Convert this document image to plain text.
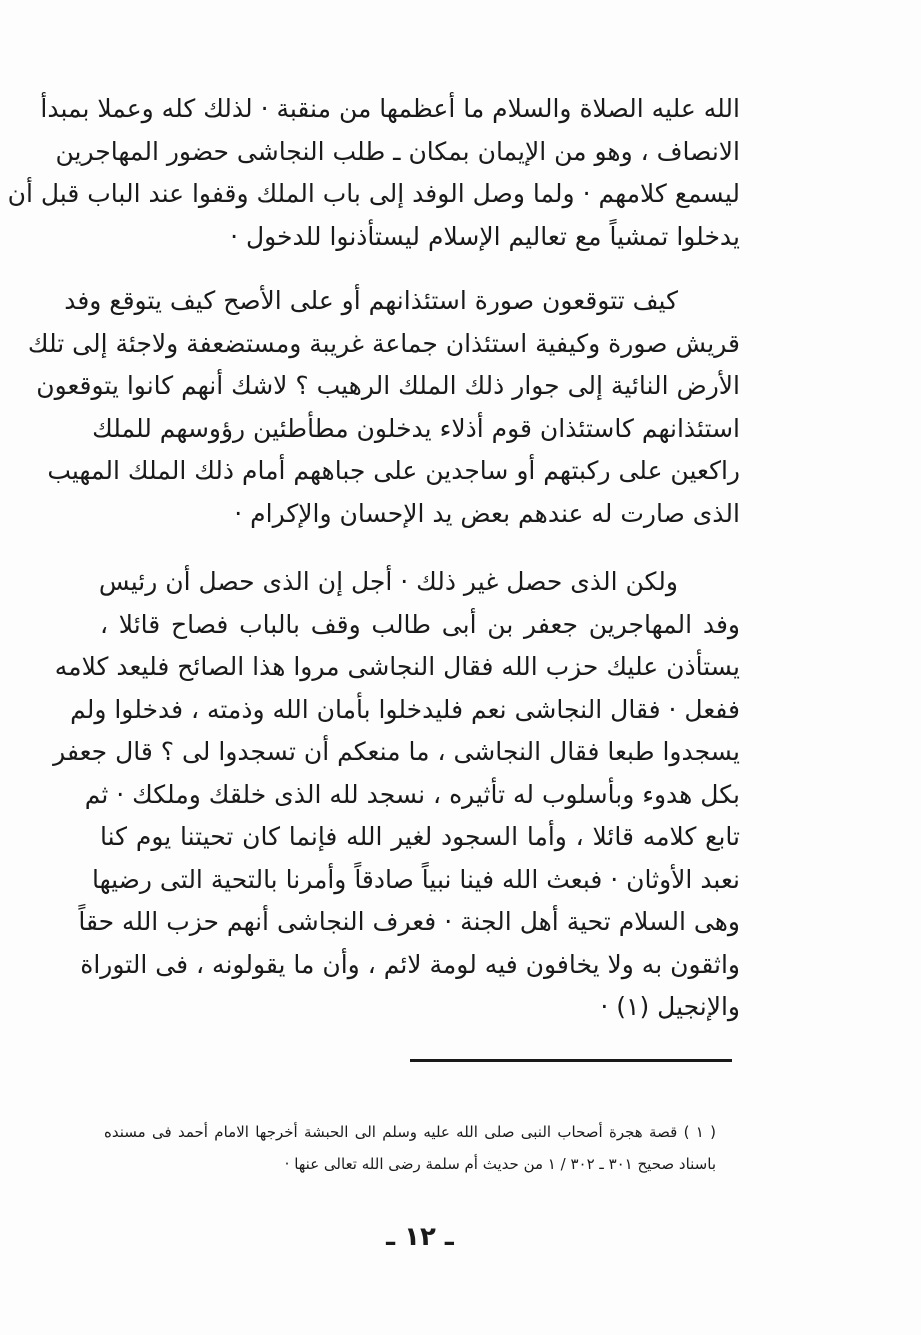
الله عليه الصلاة والسلام ما أعظمها من منقبة · لذلك كله وعملا بمبدأ
الانصاف ، وهو من الإيمان بمكان ـ طلب النجاشى حضور المهاجرين
ليسمع كلامهم · ولما وصل الوفد إلى باب الملك وقفوا عند الباب قبل أن
يدخلوا تمشياً مع تعاليم الإسلام ليستأذنوا للدخول ·

كيف تتوقعون صورة استئذانهم أو على الأصح كيف يتوقع وفد
قريش صورة وكيفية استئذان جماعة غريبة ومستضعفة ولاجئة إلى تلك
الأرض النائية إلى جوار ذلك الملك الرهيب ؟ لاشك أنهم كانوا يتوقعون
استئذانهم كاستئذان قوم أذلاء يدخلون مطأطئين رؤوسهم للملك
راكعين على ركبتهم أو ساجدين على جباههم أمام ذلك الملك المهيب
الذى صارت له عندهم بعض يد الإحسان والإكرام ·

ولكن الذى حصل غير ذلك · أجل إن الذى حصل أن رئيس
وفد المهاجرين جعفر بن أبى طالب وقف بالباب فصاح قائلا ،
يستأذن عليك حزب الله فقال النجاشى مروا هذا الصائح فليعد كلامه
ففعل · فقال النجاشى نعم فليدخلوا بأمان الله وذمته ، فدخلوا ولم
يسجدوا طبعا فقال النجاشى ، ما منعكم أن تسجدوا لى ؟ قال جعفر
بكل هدوء وبأسلوب له تأثيره ، نسجد لله الذى خلقك وملكك · ثم
تابع كلامه قائلا ، وأما السجود لغير الله فإنما كان تحيتنا يوم كنا
نعبد الأوثان · فبعث الله فينا نبياً صادقاً وأمرنا بالتحية التى رضيها
وهى السلام تحية أهل الجنة · فعرف النجاشى أنهم حزب الله حقاً
واثقون به ولا يخافون فيه لومة لائم ، وأن ما يقولونه ، فى التوراة
والإنجيل (١) ·

( ١ ) قصة هجرة أصحاب النبى صلى الله عليه وسلم الى الحبشة أخرجها الامام أحمد فى مسنده
باسناد صحيح ٣٠١ ـ ٣٠٢ / ١ من حديث أم سلمة رضى الله تعالى عنها ·
ـ ١٢ ـ
